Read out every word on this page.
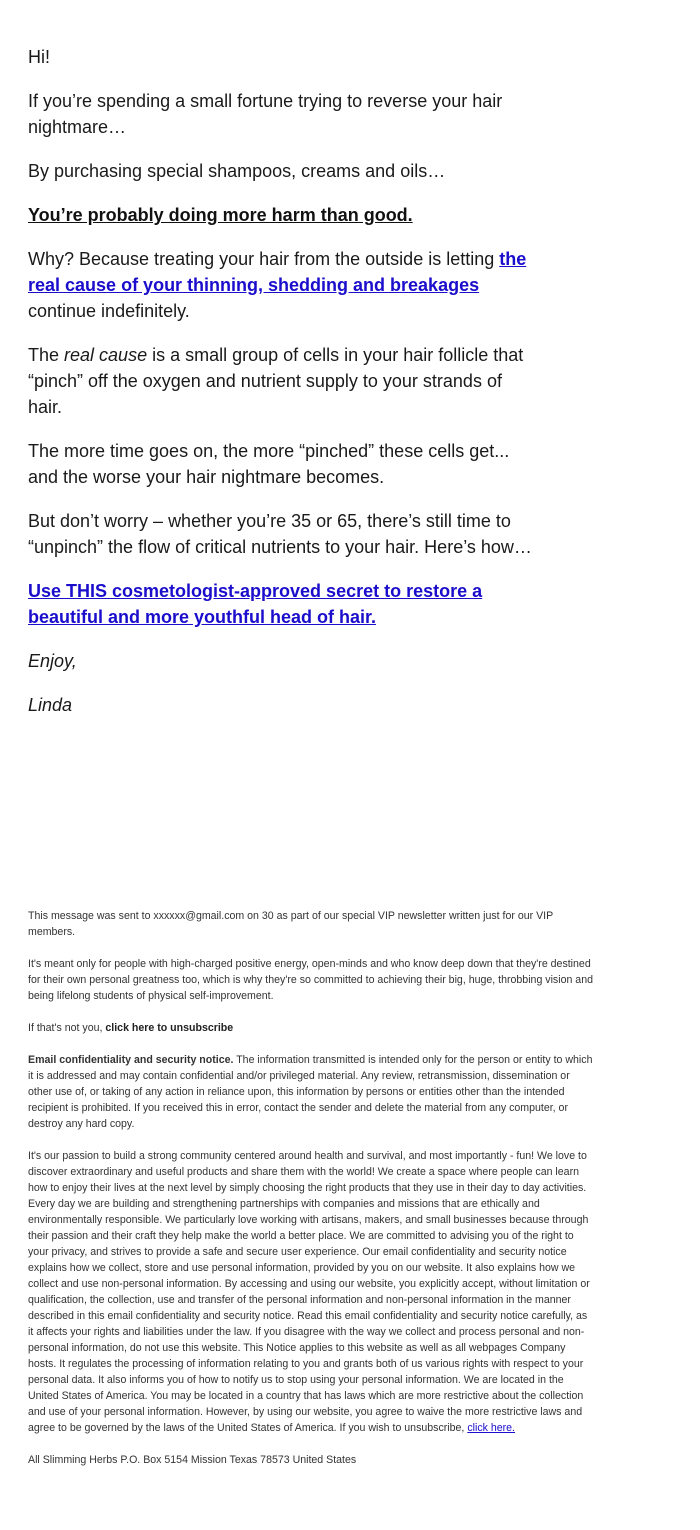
Hi!

If you’re spending a small fortune trying to reverse your hair nightmare…

By purchasing special shampoos, creams and oils…

You’re probably doing more harm than good.

Why? Because treating your hair from the outside is letting the real cause of your thinning, shedding and breakages continue indefinitely.

The real cause is a small group of cells in your hair follicle that “pinch” off the oxygen and nutrient supply to your strands of hair.

The more time goes on, the more “pinched” these cells get...
and the worse your hair nightmare becomes.

But don’t worry – whether you’re 35 or 65, there’s still time to “unpinch” the flow of critical nutrients to your hair. Here’s how…

Use THIS cosmetologist-approved secret to restore a beautiful and more youthful head of hair.

Enjoy,

Linda

This message was sent to xxxxxx@gmail.com on 30 as part of our special VIP newsletter written just for our VIP members.

It's meant only for people with high-charged positive energy, open-minds and who know deep down that they're destined for their own personal greatness too, which is why they're so committed to achieving their big, huge, throbbing vision and being lifelong students of physical self-improvement.

If that's not you, click here to unsubscribe

Email confidentiality and security notice. The information transmitted is intended only for the person or entity to which it is addressed and may contain confidential and/or privileged material. Any review, retransmission, dissemination or other use of, or taking of any action in reliance upon, this information by persons or entities other than the intended recipient is prohibited. If you received this in error, contact the sender and delete the material from any computer, or destroy any hard copy.

It's our passion to build a strong community centered around health and survival, and most importantly - fun! We love to discover extraordinary and useful products and share them with the world! We create a space where people can learn how to enjoy their lives at the next level by simply choosing the right products that they use in their day to day activities. Every day we are building and strengthening partnerships with companies and missions that are ethically and environmentally responsible. We particularly love working with artisans, makers, and small businesses because through their passion and their craft they help make the world a better place. We are committed to advising you of the right to your privacy, and strives to provide a safe and secure user experience. Our email confidentiality and security notice explains how we collect, store and use personal information, provided by you on our website. It also explains how we collect and use non-personal information. By accessing and using our website, you explicitly accept, without limitation or qualification, the collection, use and transfer of the personal information and non-personal information in the manner described in this email confidentiality and security notice. Read this email confidentiality and security notice carefully, as it affects your rights and liabilities under the law. If you disagree with the way we collect and process personal and non-personal information, do not use this website. This Notice applies to this website as well as all webpages Company hosts. It regulates the processing of information relating to you and grants both of us various rights with respect to your personal data. It also informs you of how to notify us to stop using your personal information. We are located in the United States of America. You may be located in a country that has laws which are more restrictive about the collection and use of your personal information. However, by using our website, you agree to waive the more restrictive laws and agree to be governed by the laws of the United States of America. If you wish to unsubscribe, click here.

All Slimming Herbs P.O. Box 5154 Mission Texas 78573 United States
